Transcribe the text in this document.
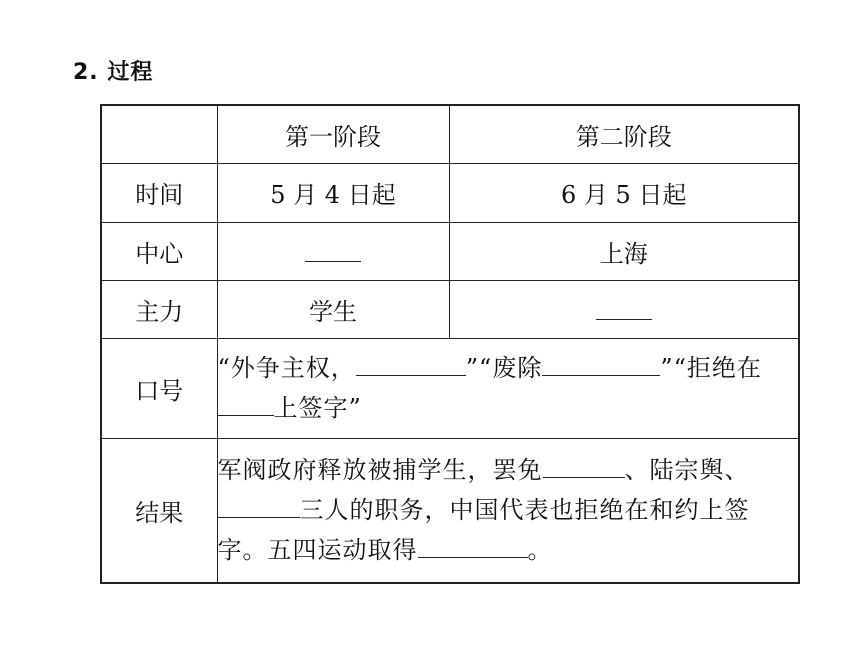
2. 过程
	第一阶段	第二阶段
时间	5 月 4 日起	6 月 5 日起
中心		上海
主力	学生	
口号	“外争主权， ”“废除 ”“拒绝在上签字”	
结果	军阀政府释放被捕学生，罢免 、陆宗舆、三人的职务，中国代表也拒绝在和约上签字。五四运动取得 。	
